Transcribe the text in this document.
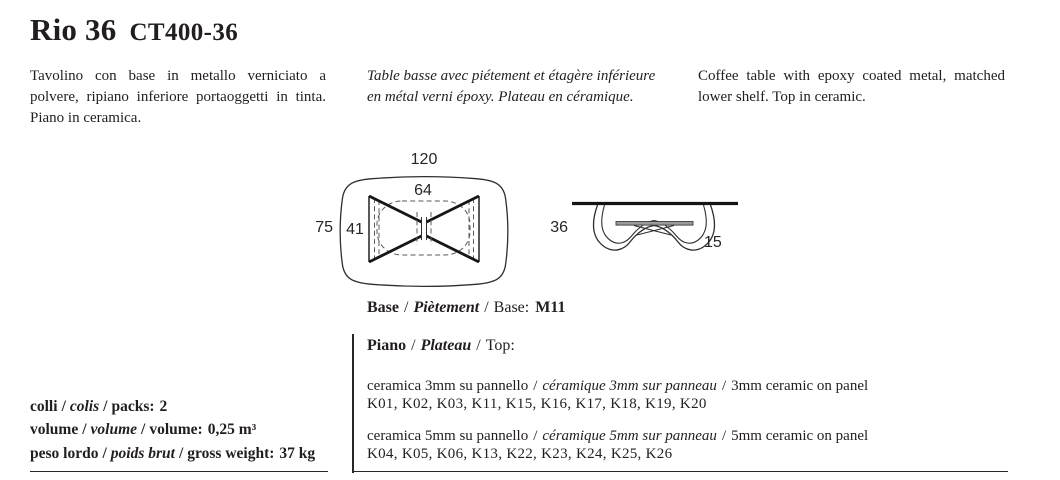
Rio 36 CT400-36
Tavolino con base in metallo verniciato a polvere, ripiano inferiore portaoggetti in tinta. Piano in ceramica.
Table basse avec piétement et étagère inférieure en métal verni époxy. Plateau en céramique.
Coffee table with epoxy coated metal, matched lower shelf. Top in ceramic.
120
64
75 41	36
15
Base / Piètement / Base: M11
Piano / Plateau / Top:
ceramica 3mm su pannello / céramique 3mm sur panneau / 3mm ceramic on panel
K01, K02, K03, K11, K15, K16, K17, K18, K19, K20
ceramica 5mm su pannello / céramique 5mm sur panneau / 5mm ceramic on panel
K04, K05, K06, K13, K22, K23, K24, K25, K26
colli / colis / packs: 2
volume / volume / volume: 0,25 m³
peso lordo / poids brut / gross weight: 37 kg
